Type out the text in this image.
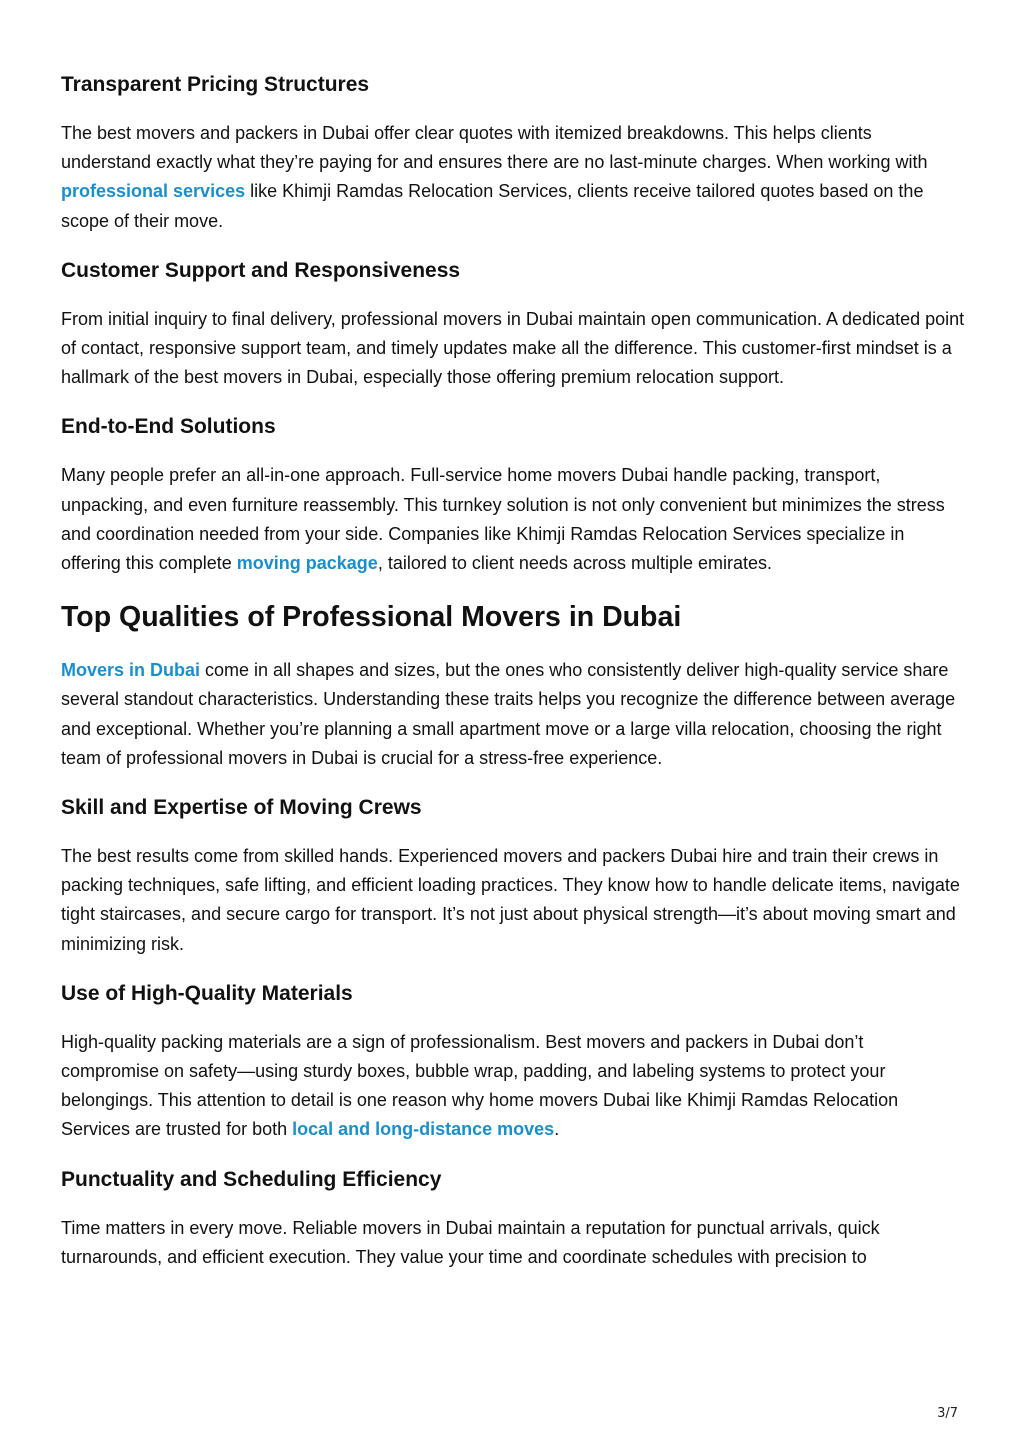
Transparent Pricing Structures

The best movers and packers in Dubai offer clear quotes with itemized breakdowns. This helps clients understand exactly what they’re paying for and ensures there are no last-minute charges. When working with professional services like Khimji Ramdas Relocation Services, clients receive tailored quotes based on the scope of their move.

Customer Support and Responsiveness

From initial inquiry to final delivery, professional movers in Dubai maintain open communication. A dedicated point of contact, responsive support team, and timely updates make all the difference. This customer-first mindset is a hallmark of the best movers in Dubai, especially those offering premium relocation support.

End-to-End Solutions

Many people prefer an all-in-one approach. Full-service home movers Dubai handle packing, transport, unpacking, and even furniture reassembly. This turnkey solution is not only convenient but minimizes the stress and coordination needed from your side. Companies like Khimji Ramdas Relocation Services specialize in offering this complete moving package, tailored to client needs across multiple emirates.

Top Qualities of Professional Movers in Dubai

Movers in Dubai come in all shapes and sizes, but the ones who consistently deliver high-quality service share several standout characteristics. Understanding these traits helps you recognize the difference between average and exceptional. Whether you’re planning a small apartment move or a large villa relocation, choosing the right team of professional movers in Dubai is crucial for a stress-free experience.

Skill and Expertise of Moving Crews

The best results come from skilled hands. Experienced movers and packers Dubai hire and train their crews in packing techniques, safe lifting, and efficient loading practices. They know how to handle delicate items, navigate tight staircases, and secure cargo for transport. It’s not just about physical strength—it’s about moving smart and minimizing risk.

Use of High-Quality Materials

High-quality packing materials are a sign of professionalism. Best movers and packers in Dubai don’t compromise on safety—using sturdy boxes, bubble wrap, padding, and labeling systems to protect your belongings. This attention to detail is one reason why home movers Dubai like Khimji Ramdas Relocation Services are trusted for both local and long-distance moves.

Punctuality and Scheduling Efficiency

Time matters in every move. Reliable movers in Dubai maintain a reputation for punctual arrivals, quick turnarounds, and efficient execution. They value your time and coordinate schedules with precision to

3/7
